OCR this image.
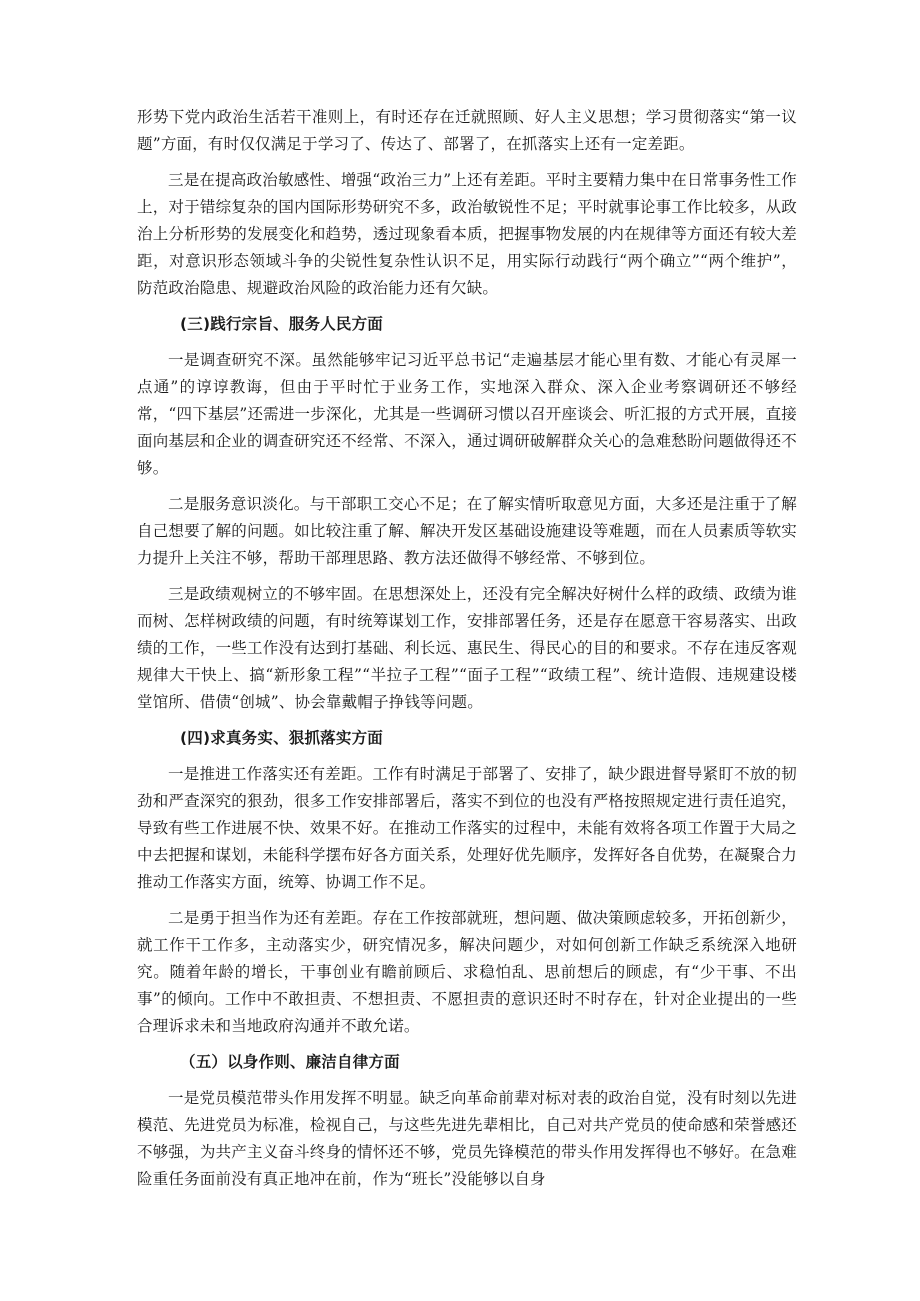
形势下党内政治生活若干准则上，有时还存在迁就照顾、好人主义思想；学习贯彻落实“第一议题”方面，有时仅仅满足于学习了、传达了、部署了，在抓落实上还有一定差距。

三是在提高政治敏感性、增强“政治三力”上还有差距。平时主要精力集中在日常事务性工作上，对于错综复杂的国内国际形势研究不多，政治敏锐性不足；平时就事论事工作比较多，从政治上分析形势的发展变化和趋势，透过现象看本质，把握事物发展的内在规律等方面还有较大差距，对意识形态领域斗争的尖锐性复杂性认识不足，用实际行动践行“两个确立”“两个维护”，防范政治隐患、规避政治风险的政治能力还有欠缺。

(三)践行宗旨、服务人民方面

一是调查研究不深。虽然能够牢记习近平总书记“走遍基层才能心里有数、才能心有灵犀一点通”的谆谆教诲，但由于平时忙于业务工作，实地深入群众、深入企业考察调研还不够经常，“四下基层”还需进一步深化，尤其是一些调研习惯以召开座谈会、听汇报的方式开展，直接面向基层和企业的调查研究还不经常、不深入，通过调研破解群众关心的急难愁盼问题做得还不够。

二是服务意识淡化。与干部职工交心不足；在了解实情听取意见方面，大多还是注重于了解自己想要了解的问题。如比较注重了解、解决开发区基础设施建设等难题，而在人员素质等软实力提升上关注不够，帮助干部理思路、教方法还做得不够经常、不够到位。

三是政绩观树立的不够牢固。在思想深处上，还没有完全解决好树什么样的政绩、政绩为谁而树、怎样树政绩的问题，有时统筹谋划工作，安排部署任务，还是存在愿意干容易落实、出政绩的工作，一些工作没有达到打基础、利长远、惠民生、得民心的目的和要求。不存在违反客观规律大干快上、搞“新形象工程”“半拉子工程”“面子工程”“政绩工程”、统计造假、违规建设楼堂馆所、借债“创城”、协会靠戴帽子挣钱等问题。

(四)求真务实、狠抓落实方面

一是推进工作落实还有差距。工作有时满足于部署了、安排了，缺少跟进督导紧盯不放的韧劲和严查深究的狠劲，很多工作安排部署后，落实不到位的也没有严格按照规定进行责任追究，导致有些工作进展不快、效果不好。在推动工作落实的过程中，未能有效将各项工作置于大局之中去把握和谋划，未能科学摆布好各方面关系，处理好优先顺序，发挥好各自优势，在凝聚合力推动工作落实方面，统筹、协调工作不足。

二是勇于担当作为还有差距。存在工作按部就班，想问题、做决策顾虑较多，开拓创新少，就工作干工作多，主动落实少，研究情况多，解决问题少，对如何创新工作缺乏系统深入地研究。随着年龄的增长，干事创业有瞻前顾后、求稳怕乱、思前想后的顾虑，有“少干事、不出事”的倾向。工作中不敢担责、不想担责、不愿担责的意识还时不时存在，针对企业提出的一些合理诉求未和当地政府沟通并不敢允诺。

（五）以身作则、廉洁自律方面

一是党员模范带头作用发挥不明显。缺乏向革命前辈对标对表的政治自觉，没有时刻以先进模范、先进党员为标准，检视自己，与这些先进先辈相比，自己对共产党员的使命感和荣誉感还不够强，为共产主义奋斗终身的情怀还不够，党员先锋模范的带头作用发挥得也不够好。在急难险重任务面前没有真正地冲在前，作为“班长”没能够以自身
